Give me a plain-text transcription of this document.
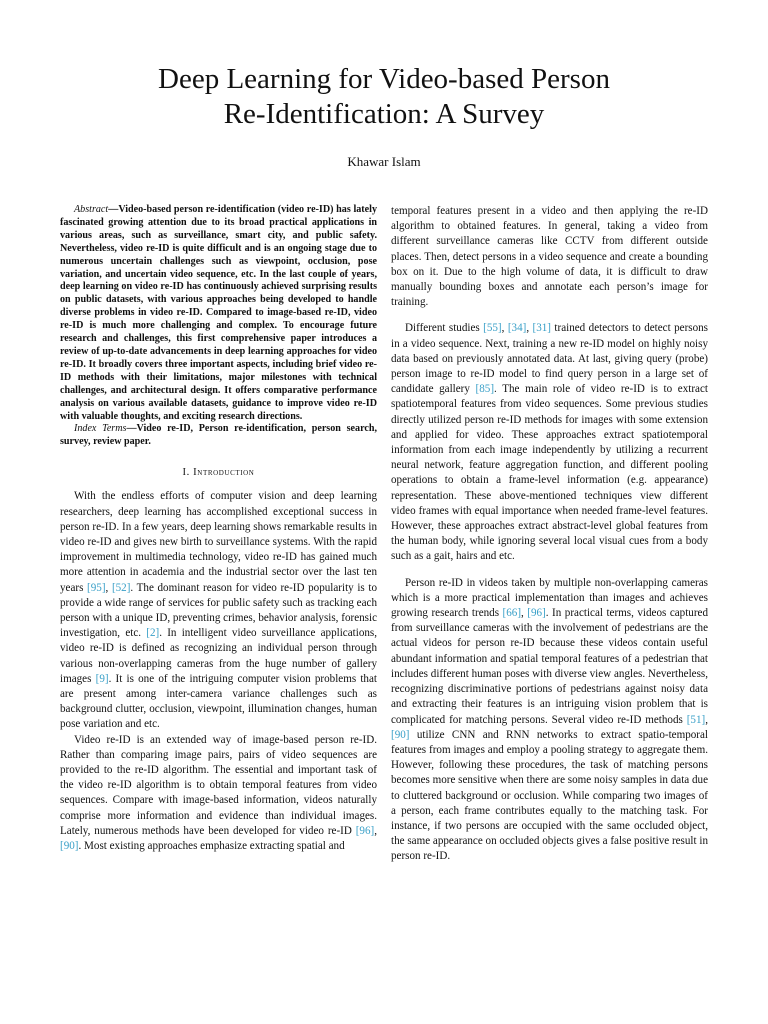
Deep Learning for Video-based Person
Re-Identification: A Survey
Khawar Islam

Abstract—Video-based person re-identification (video re-ID) has lately fascinated growing attention due to its broad practical applications in various areas, such as surveillance, smart city, and public safety. Nevertheless, video re-ID is quite difficult and is an ongoing stage due to numerous uncertain challenges such as viewpoint, occlusion, pose variation, and uncertain video sequence, etc. In the last couple of years, deep learning on video re-ID has continuously achieved surprising results on public datasets, with various approaches being developed to handle diverse problems in video re-ID. Compared to image-based re-ID, video re-ID is much more challenging and complex. To encourage future research and challenges, this first comprehensive paper introduces a review of up-to-date advancements in deep learning approaches for video re-ID. It broadly covers three important aspects, including brief video re-ID methods with their limitations, major milestones with technical challenges, and architectural design. It offers comparative performance analysis on various available datasets, guidance to improve video re-ID with valuable thoughts, and exciting research directions.

Index Terms—Video re-ID, Person re-identification, person search, survey, review paper.

I. Introduction

With the endless efforts of computer vision and deep learning researchers, deep learning has accomplished exceptional success in person re-ID. In a few years, deep learning shows remarkable results in video re-ID and gives new birth to surveillance systems. With the rapid improvement in multimedia technology, video re-ID has gained much more attention in academia and the industrial sector over the last ten years [95], [52]. The dominant reason for video re-ID popularity is to provide a wide range of services for public safety such as tracking each person with a unique ID, preventing crimes, behavior analysis, forensic investigation, etc. [2]. In intelligent video surveillance applications, video re-ID is defined as recognizing an individual person through various non-overlapping cameras from the huge number of gallery images [9]. It is one of the intriguing computer vision problems that are present among inter-camera variance challenges such as background clutter, occlusion, viewpoint, illumination changes, human pose variation and etc.

Video re-ID is an extended way of image-based person re-ID. Rather than comparing image pairs, pairs of video sequences are provided to the re-ID algorithm. The essential and important task of the video re-ID algorithm is to obtain temporal features from video sequences. Compare with image-based information, videos naturally comprise more information and evidence than individual images. Lately, numerous methods have been developed for video re-ID [96], [90]. Most existing approaches emphasize extracting spatial and

temporal features present in a video and then applying the re-ID algorithm to obtained features. In general, taking a video from different surveillance cameras like CCTV from different outside places. Then, detect persons in a video sequence and create a bounding box on it. Due to the high volume of data, it is difficult to draw manually bounding boxes and annotate each person’s image for training.

Different studies [55], [34], [31] trained detectors to detect persons in a video sequence. Next, training a new re-ID model on highly noisy data based on previously annotated data. At last, giving query (probe) person image to re-ID model to find query person in a large set of candidate gallery [85]. The main role of video re-ID is to extract spatiotemporal features from video sequences. Some previous studies directly utilized person re-ID methods for images with some extension and applied for video. These approaches extract spatiotemporal information from each image independently by utilizing a recurrent neural network, feature aggregation function, and different pooling operations to obtain a frame-level information (e.g. appearance) representation. These above-mentioned techniques view different video frames with equal importance when needed frame-level features. However, these approaches extract abstract-level global features from the human body, while ignoring several local visual cues from a body such as a gait, hairs and etc.

Person re-ID in videos taken by multiple non-overlapping cameras which is a more practical implementation than images and achieves growing research trends [66], [96]. In practical terms, videos captured from surveillance cameras with the involvement of pedestrians are the actual videos for person re-ID because these videos contain useful abundant information and spatial temporal features of a pedestrian that includes different human poses with diverse view angles. Nevertheless, recognizing discriminative portions of pedestrians against noisy data and extracting their features is an intriguing vision problem that is complicated for matching persons. Several video re-ID methods [51], [90] utilize CNN and RNN networks to extract spatio-temporal features from images and employ a pooling strategy to aggregate them. However, following these procedures, the task of matching persons becomes more sensitive when there are some noisy samples in data due to cluttered background or occlusion. While comparing two images of a person, each frame contributes equally to the matching task. For instance, if two persons are occupied with the same occluded object, the same appearance on occluded objects gives a false positive result in person re-ID.
